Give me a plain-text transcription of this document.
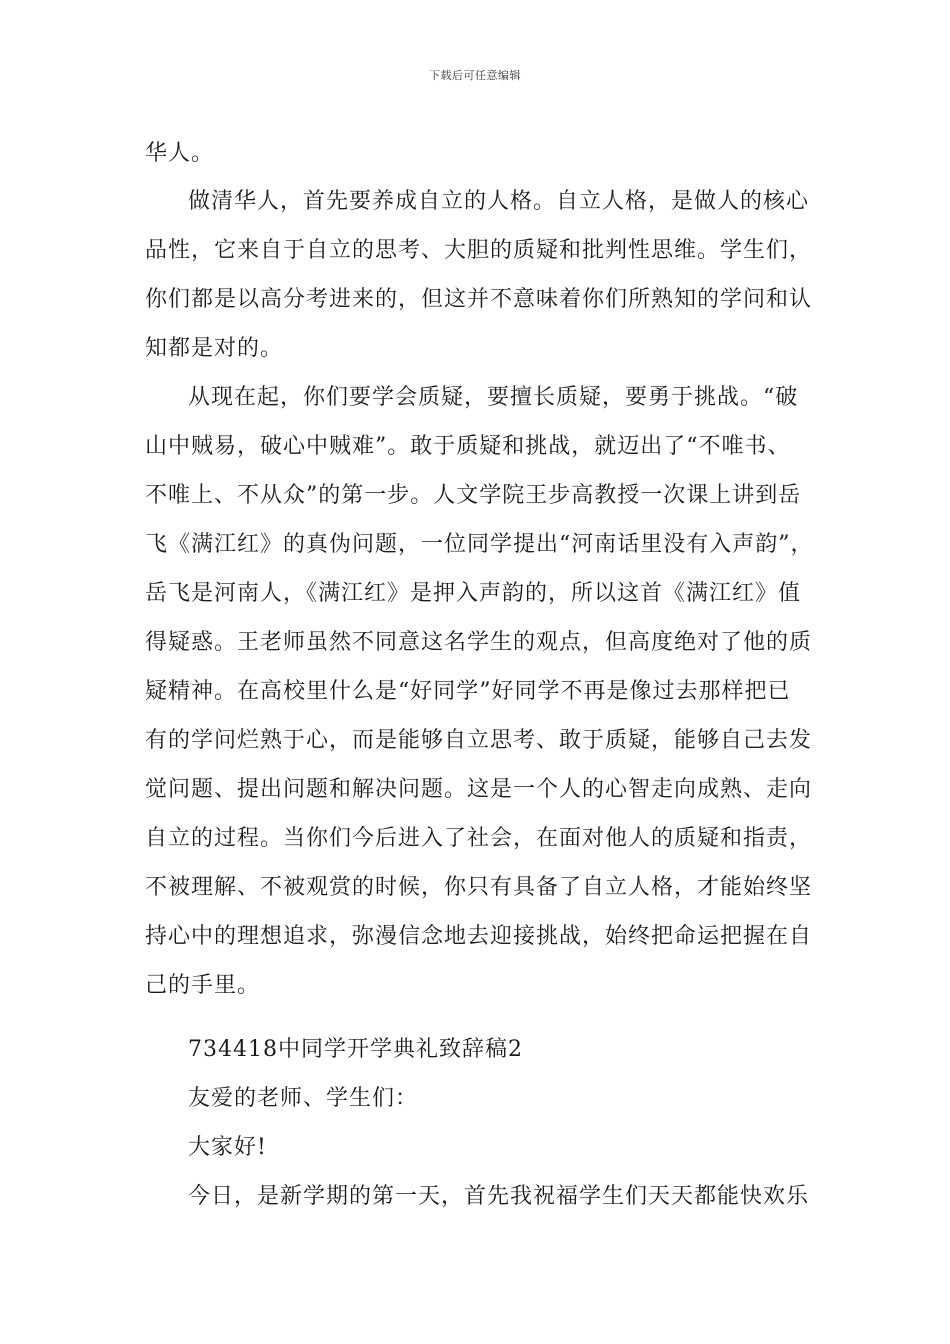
下载后可任意编辑
华人。
做清华人，首先要养成自立的人格。自立人格，是做人的核心
品性，它来自于自立的思考、大胆的质疑和批判性思维。学生们，
你们都是以高分考进来的，但这并不意味着你们所熟知的学问和认
知都是对的。
从现在起，你们要学会质疑，要擅长质疑，要勇于挑战。“破
山中贼易，破心中贼难”。敢于质疑和挑战，就迈出了“不唯书、
不唯上、不从众”的第一步。人文学院王步高教授一次课上讲到岳
飞《满江红》的真伪问题，一位同学提出“河南话里没有入声韵”，
岳飞是河南人，《满江红》是押入声韵的，所以这首《满江红》值
得疑惑。王老师虽然不同意这名学生的观点，但高度绝对了他的质
疑精神。在高校里什么是“好同学”好同学不再是像过去那样把已
有的学问烂熟于心，而是能够自立思考、敢于质疑，能够自己去发
觉问题、提出问题和解决问题。这是一个人的心智走向成熟、走向
自立的过程。当你们今后进入了社会，在面对他人的质疑和指责，
不被理解、不被观赏的时候，你只有具备了自立人格，才能始终坚
持心中的理想追求，弥漫信念地去迎接挑战，始终把命运把握在自
己的手里。
734418中同学开学典礼致辞稿2
友爱的老师、学生们：
大家好!
今日，是新学期的第一天，首先我祝福学生们天天都能快欢乐
